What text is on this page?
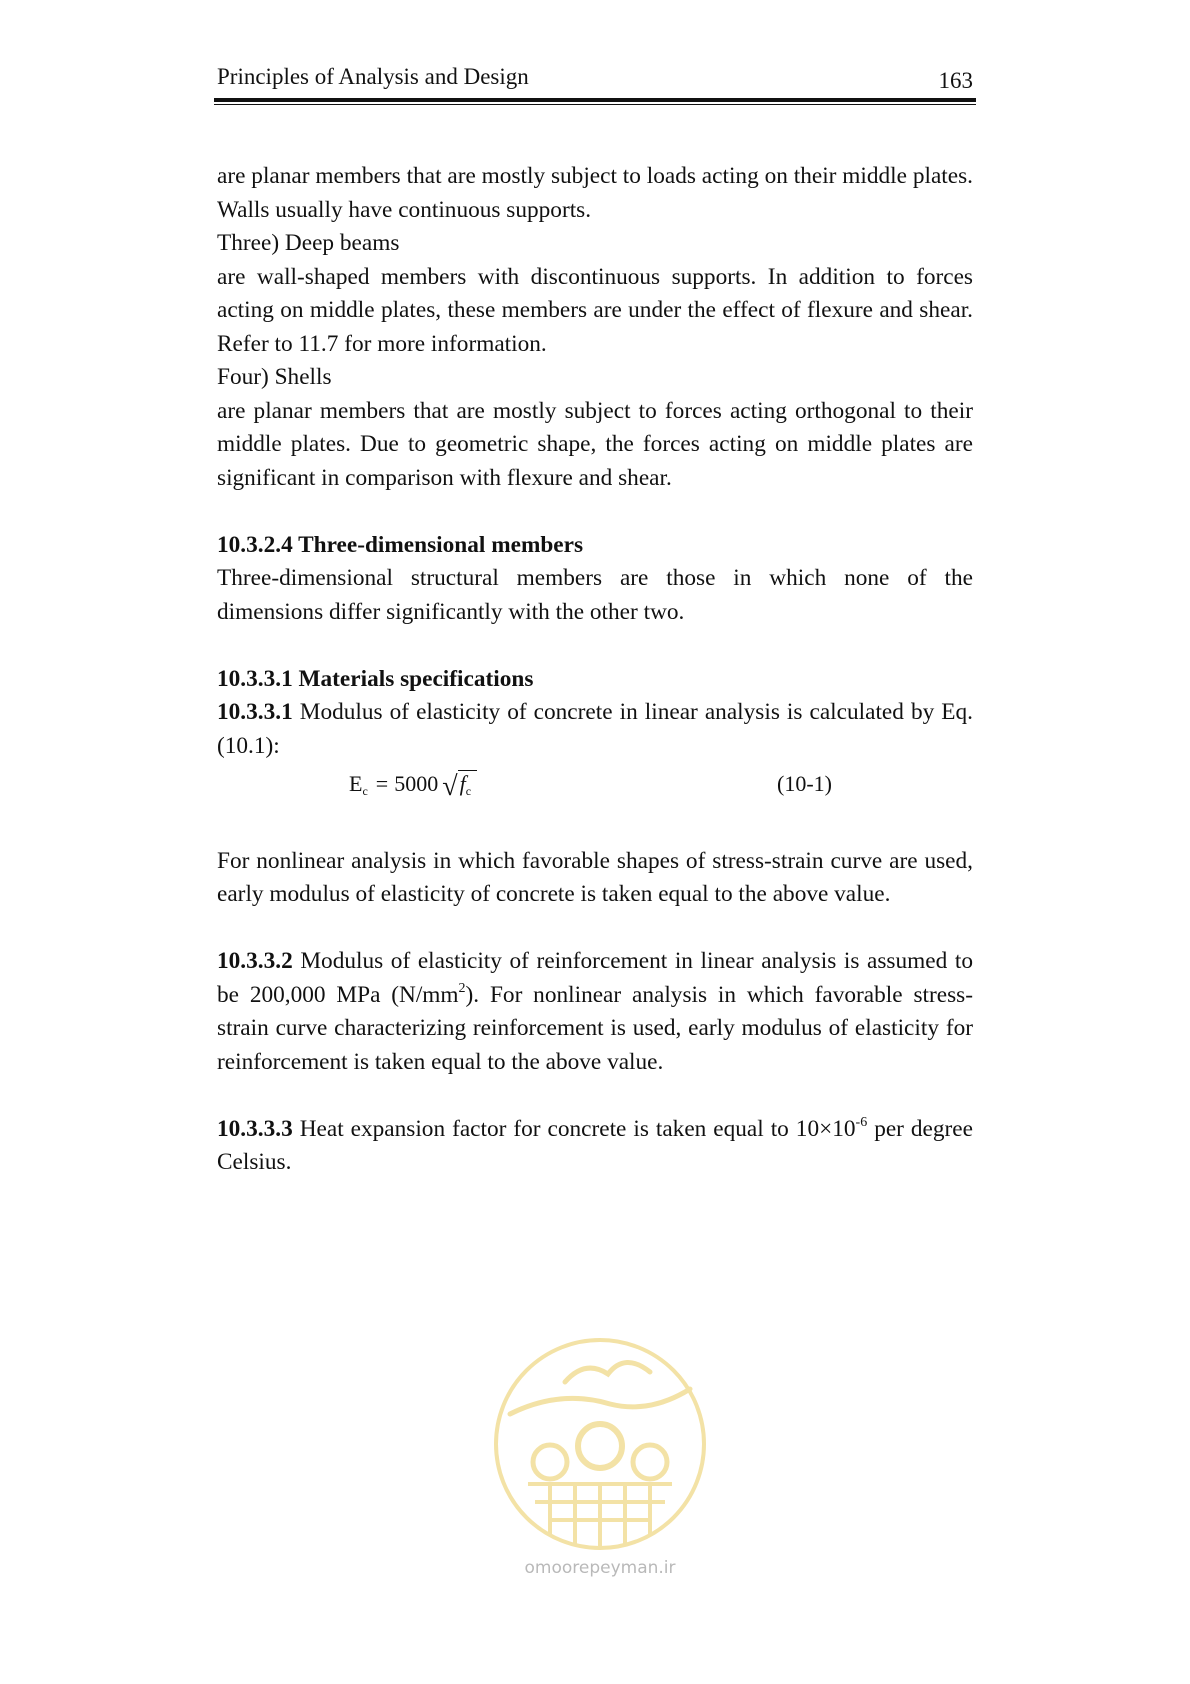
Principles of Analysis and Design	163

are planar members that are mostly subject to loads acting on their middle plates. Walls usually have continuous supports.

Three) Deep beams

are wall-shaped members with discontinuous supports. In addition to forces acting on middle plates, these members are under the effect of flexure and shear. Refer to 11.7 for more information.

Four) Shells

are planar members that are mostly subject to forces acting orthogonal to their middle plates. Due to geometric shape, the forces acting on middle plates are significant in comparison with flexure and shear.

10.3.2.4 Three-dimensional members

Three-dimensional structural members are those in which none of the dimensions differ significantly with the other two.

10.3.3.1 Materials specifications

10.3.3.1 Modulus of elasticity of concrete in linear analysis is calculated by Eq. (10.1):

$E_c = 5000$ $√f_c$	(10-1)

For nonlinear analysis in which favorable shapes of stress-strain curve are used, early modulus of elasticity of concrete is taken equal to the above value.

10.3.3.2 Modulus of elasticity of reinforcement in linear analysis is assumed to be 200,000 MPa $(N/mm^2)$. For nonlinear analysis in which favorable stress-strain curve characterizing reinforcement is used, early modulus of elasticity for reinforcement is taken equal to the above value.

10.3.3.3 Heat expansion factor for concrete is taken equal to $10\times 10^{-6}$ per degree Celsius.

omoorepeyman.ir
